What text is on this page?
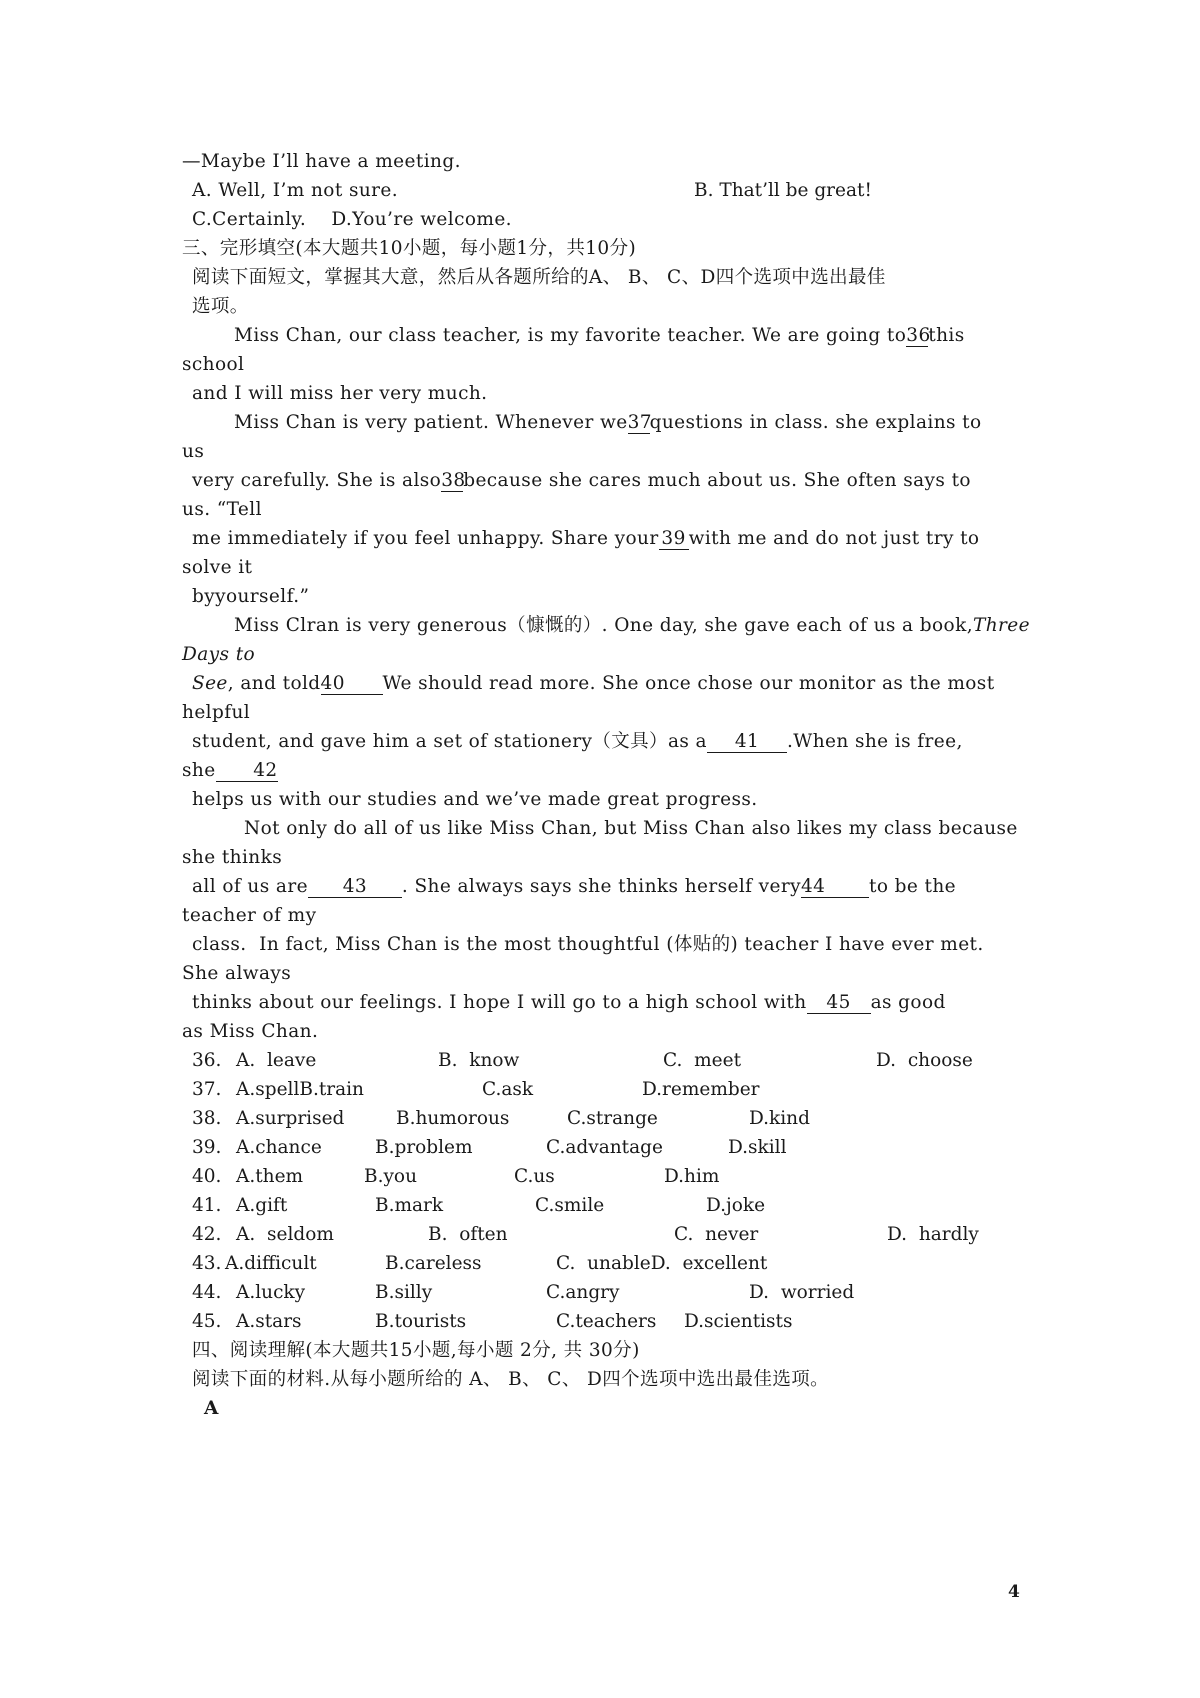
—Maybe I’ll have a meeting.
A. Well, I’m not sure.	B. That’ll be great!
C.Certainly.    D.You’re welcome.
三、完形填空(本大题共10小题，每小题1分，共10分)
阅读下面短文，掌握其大意，然后从各题所给的A、 B、 C、D四个选项中选出最佳
选项。
Miss Chan, our class teacher, is my favorite teacher. We are going to36this
school
and I will miss her very much.
Miss Chan is very patient. Whenever we37questions in class. she explains to
us
very carefully. She is also38because she cares much about us. She often says to
us. “Tell
me immediately if you feel unhappy. Share your 39 with me and do not just try to
solve it
byyourself.”
Miss Clran is very generous（慷慨的）. One day, she gave each of us a book,Three
Days to
See, and told40 We should read more. She once chose our monitor as the most
helpful
student, and gave him a set of stationery（文具）as a 41 .When she is free,
she 42
helps us with our studies and we’ve made great progress.
Not only do all of us like Miss Chan, but Miss Chan also likes my class because
she thinks
all of us are 43 . She always says she thinks herself very44 to be the
teacher of my
class.  In fact, Miss Chan is the most thoughtful (体贴的) teacher I have ever met.
She always
thinks about our feelings. I hope I will go to a high school with 45 as good
as Miss Chan.
36. A.  leave	B.  know	C.  meet	D.  choose
37. A.spellB.train	C.ask	D.remember
38. A.surprised	B.humorous	C.strange	D.kind
39. A.chance	B.problem	C.advantage	D.skill
40. A.them	B.you	C.us	D.him
41. A.gift	B.mark	C.smile	D.joke
42. A.  seldom	B.  often	C.  never	D.  hardly
43. A.difficult	B.careless	C.  unableD.  excellent
44. A.lucky	B.silly	C.angry	D.  worried
45. A.stars	B.tourists	C.teachers D.scientists
四、阅读理解(本大题共15小题,每小题 2分, 共 30分)
阅读下面的材料.从每小题所给的 A、 B、 C、 D四个选项中选出最佳选项。
A
4
